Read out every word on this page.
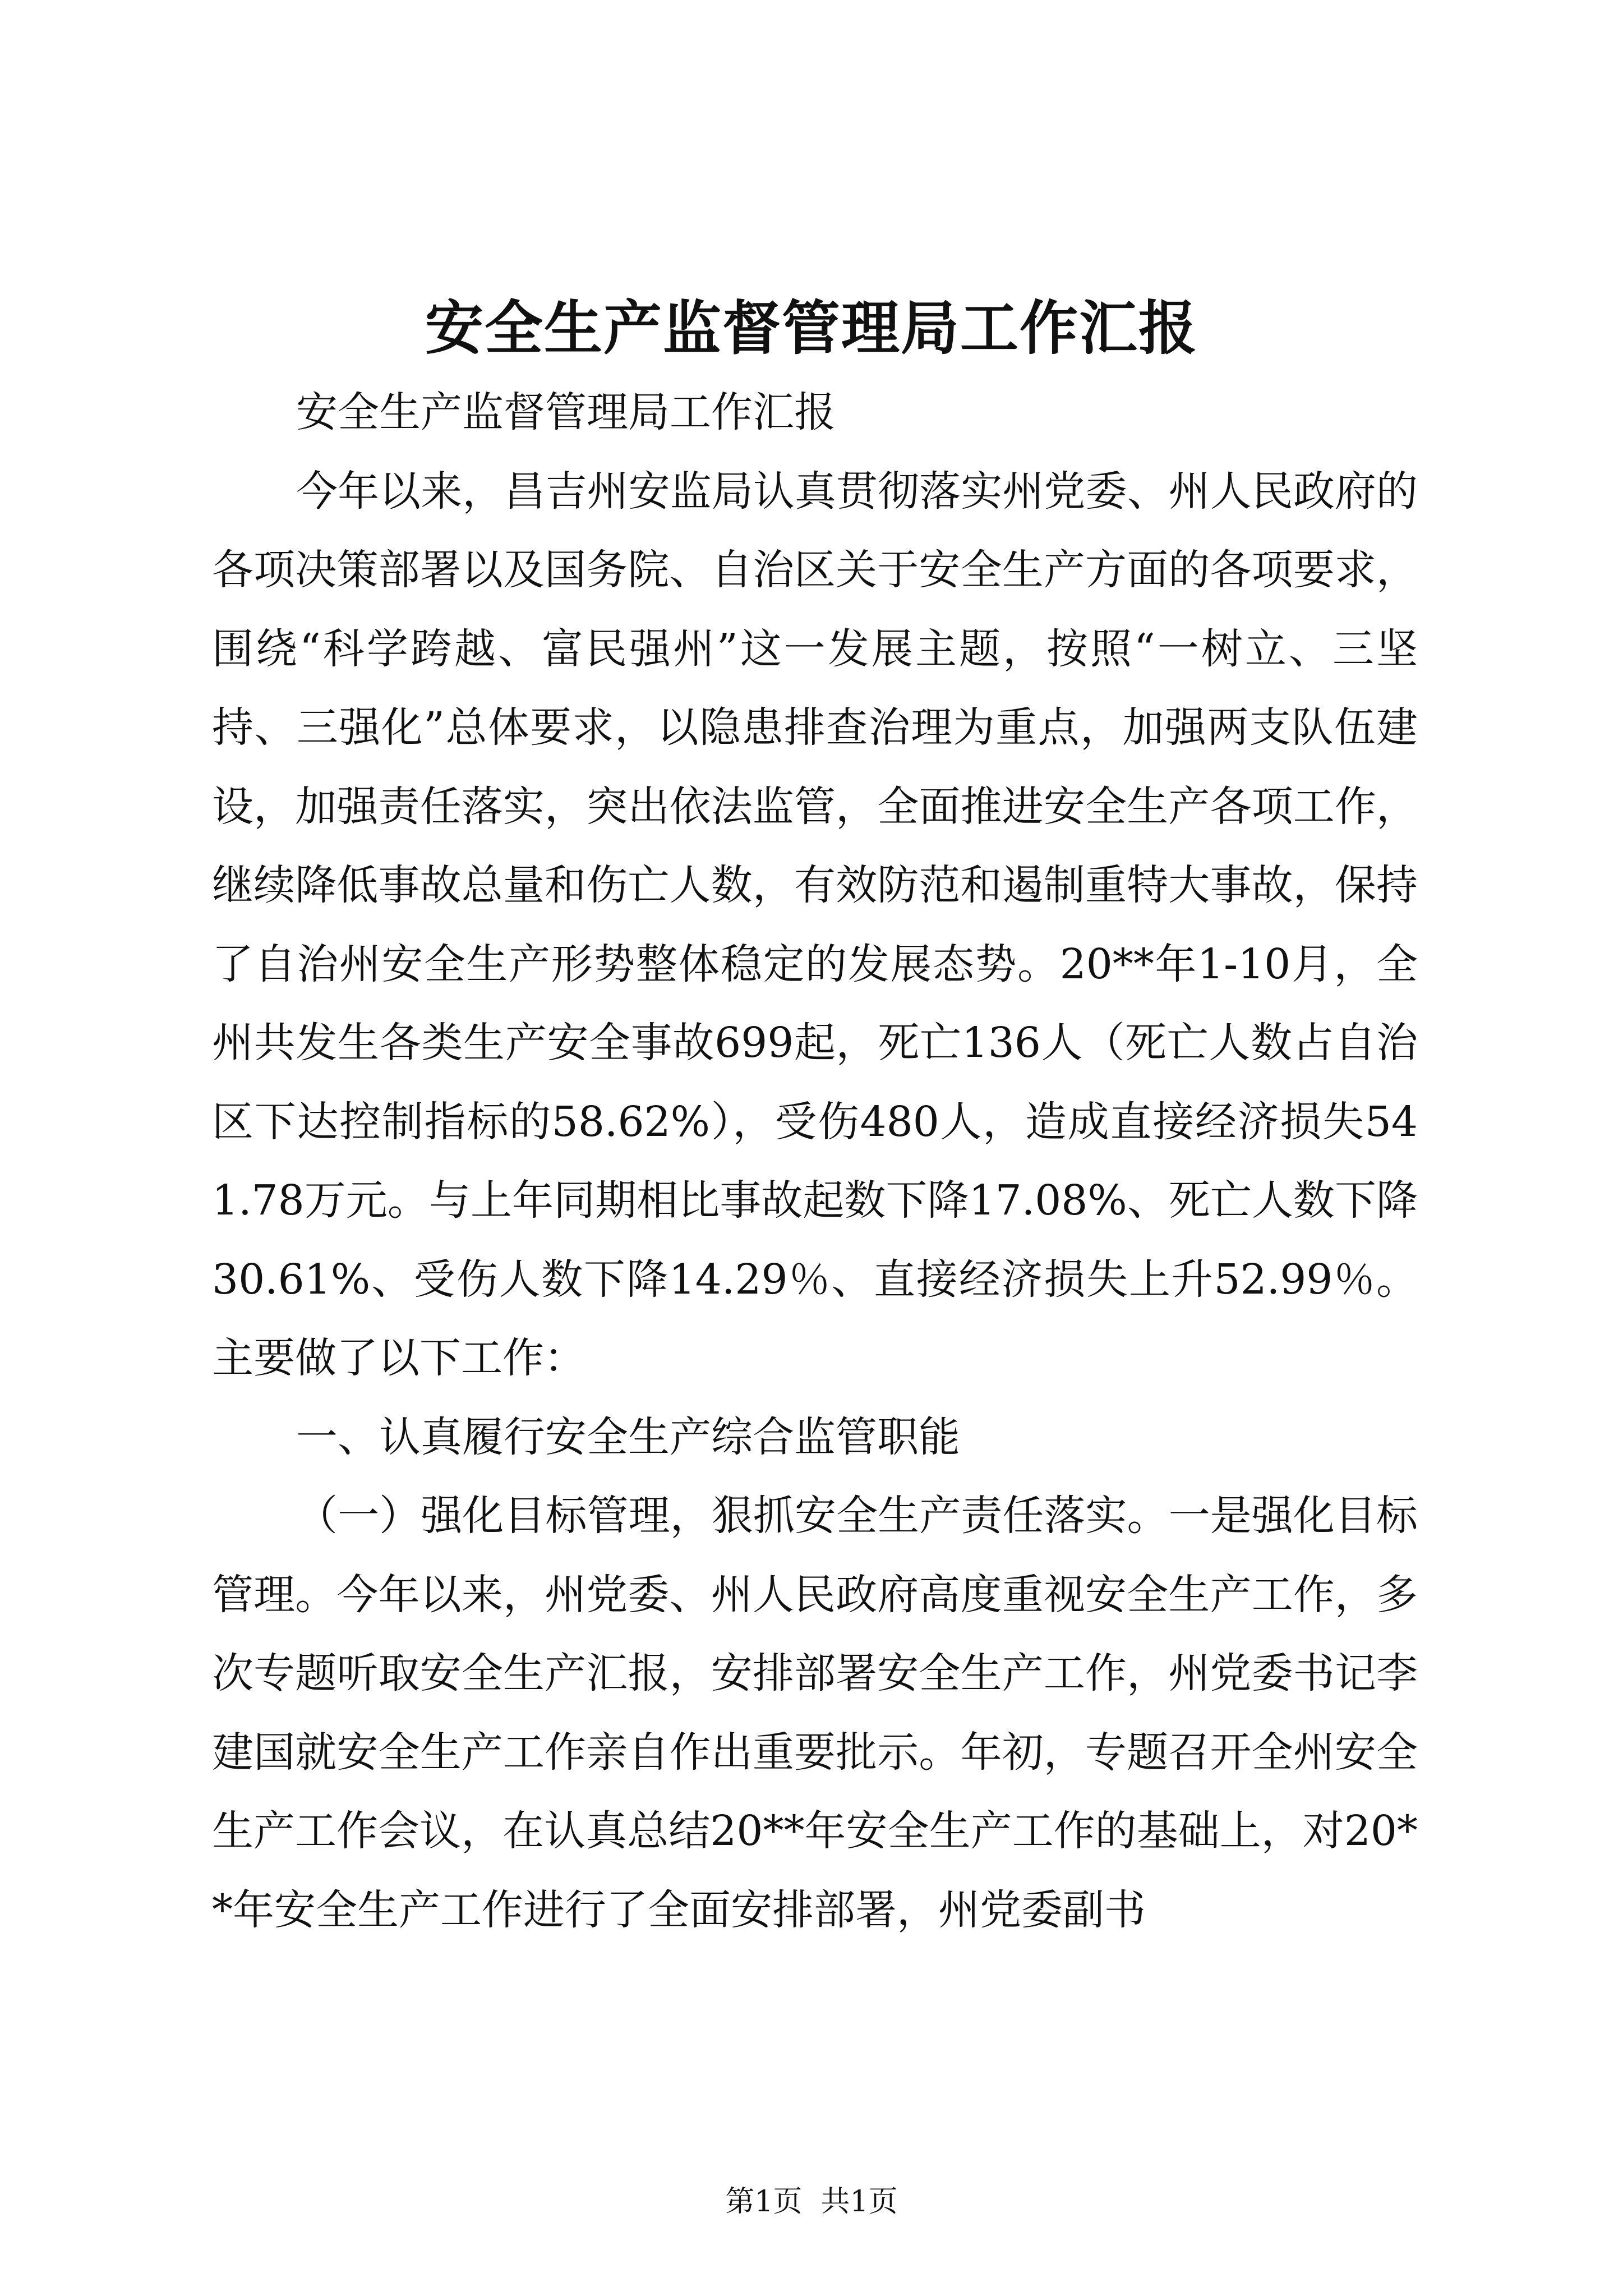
安全生产监督管理局工作汇报

安全生产监督管理局工作汇报

今年以来，昌吉州安监局认真贯彻落实州党委、州人民政府的各项决策部署以及国务院、自治区关于安全生产方面的各项要求，围绕“科学跨越、富民强州”这一发展主题，按照“一树立、三坚持、三强化”总体要求，以隐患排查治理为重点，加强两支队伍建设，加强责任落实，突出依法监管，全面推进安全生产各项工作，继续降低事故总量和伤亡人数，有效防范和遏制重特大事故，保持了自治州安全生产形势整体稳定的发展态势。20**年1-10月，全州共发生各类生产安全事故699起，死亡136人（死亡人数占自治区下达控制指标的58.62%），受伤480人，造成直接经济损失541.78万元。与上年同期相比事故起数下降17.08%、死亡人数下降30.61%、受伤人数下降14.29％、直接经济损失上升52.99％。主要做了以下工作：

一、认真履行安全生产综合监管职能

（一）强化目标管理，狠抓安全生产责任落实。一是强化目标管理。今年以来，州党委、州人民政府高度重视安全生产工作，多次专题听取安全生产汇报，安排部署安全生产工作，州党委书记李建国就安全生产工作亲自作出重要批示。年初，专题召开全州安全生产工作会议，在认真总结20**年安全生产工作的基础上，对20**年安全生产工作进行了全面安排部署，州党委副书

第1页 共1页
